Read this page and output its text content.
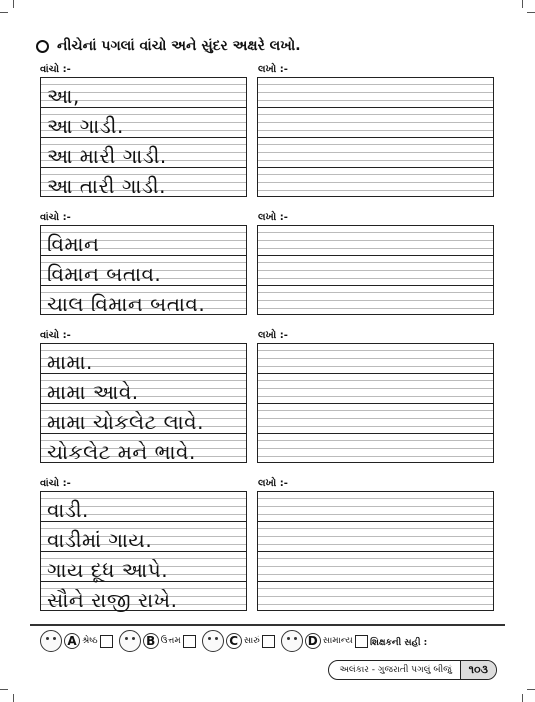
નીચેનાં પગલાં વાંચો અને સુંદર અક્ષરે લખો.
વાંચો :-	લખો :-
આ,
આ ગાડી.
આ મારી ગાડી.
આ તારી ગાડી.
વાંચો :-	લખો :-
વિમાન
વિમાન બતાવ.
ચાલ વિમાન બતાવ.
વાંચો :-	લખો :-
મામા.
મામા આવે.
મામા ચોકલેટ લાવે.
ચોકલેટ મને ભાવે.
વાંચો :-	લખો :-
વાડી.
વાડીમાં ગાય.
ગાય દૂધ આપે.
સૌને રાજી રાખે.
A શ્રેષ્ઠ	B ઉત્તમ	C સારું	D સામાન્ય શિક્ષકની સહી :
અલંકાર - ગુજરાતી પગલું બીજું	૧૦૩
